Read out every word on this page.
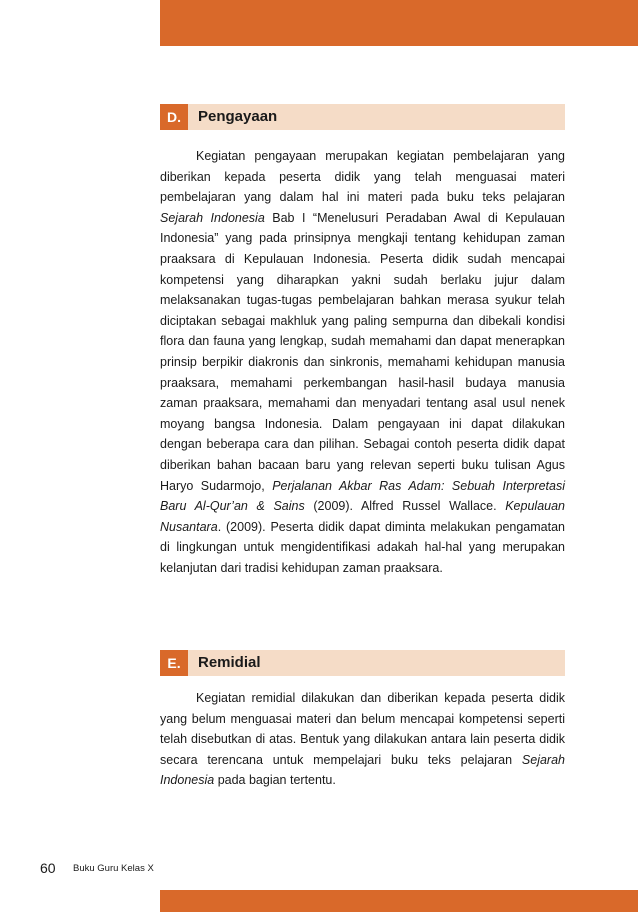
D.	Pengayaan

Kegiatan pengayaan merupakan kegiatan pembelajaran yang diberikan kepada peserta didik yang telah menguasai materi pembelajaran yang dalam hal ini materi pada buku teks pelajaran Sejarah Indonesia Bab I “Menelusuri Peradaban Awal di Kepulauan Indonesia” yang pada prinsipnya mengkaji tentang kehidupan zaman praaksara di Kepulauan Indonesia. Peserta didik sudah mencapai kompetensi yang diharapkan yakni sudah berlaku jujur dalam melaksanakan tugas-tugas pembelajaran bahkan merasa syukur telah diciptakan sebagai makhluk yang paling sempurna dan dibekali kondisi flora dan fauna yang lengkap, sudah memahami dan dapat menerapkan prinsip berpikir diakronis dan sinkronis, memahami kehidupan manusia praaksara, memahami perkembangan hasil-hasil budaya manusia zaman praaksara, memahami dan menyadari tentang asal usul nenek moyang bangsa Indonesia. Dalam pengayaan ini dapat dilakukan dengan beberapa cara dan pilihan. Sebagai contoh peserta didik dapat diberikan bahan bacaan baru yang relevan seperti buku tulisan Agus Haryo Sudarmojo, Perjalanan Akbar Ras Adam: Sebuah Interpretasi Baru Al-Qur’an & Sains (2009). Alfred Russel Wallace. Kepulauan Nusantara. (2009). Peserta didik dapat diminta melakukan pengamatan di lingkungan untuk mengidentifikasi adakah hal-hal yang merupakan kelanjutan dari tradisi kehidupan zaman praaksara.

E.	Remidial

Kegiatan remidial dilakukan dan diberikan kepada peserta didik yang belum menguasai materi dan belum mencapai kompetensi seperti telah disebutkan di atas. Bentuk yang dilakukan antara lain peserta didik secara terencana untuk mempelajari buku teks pelajaran Sejarah Indonesia pada bagian tertentu.

60 Buku Guru Kelas X
